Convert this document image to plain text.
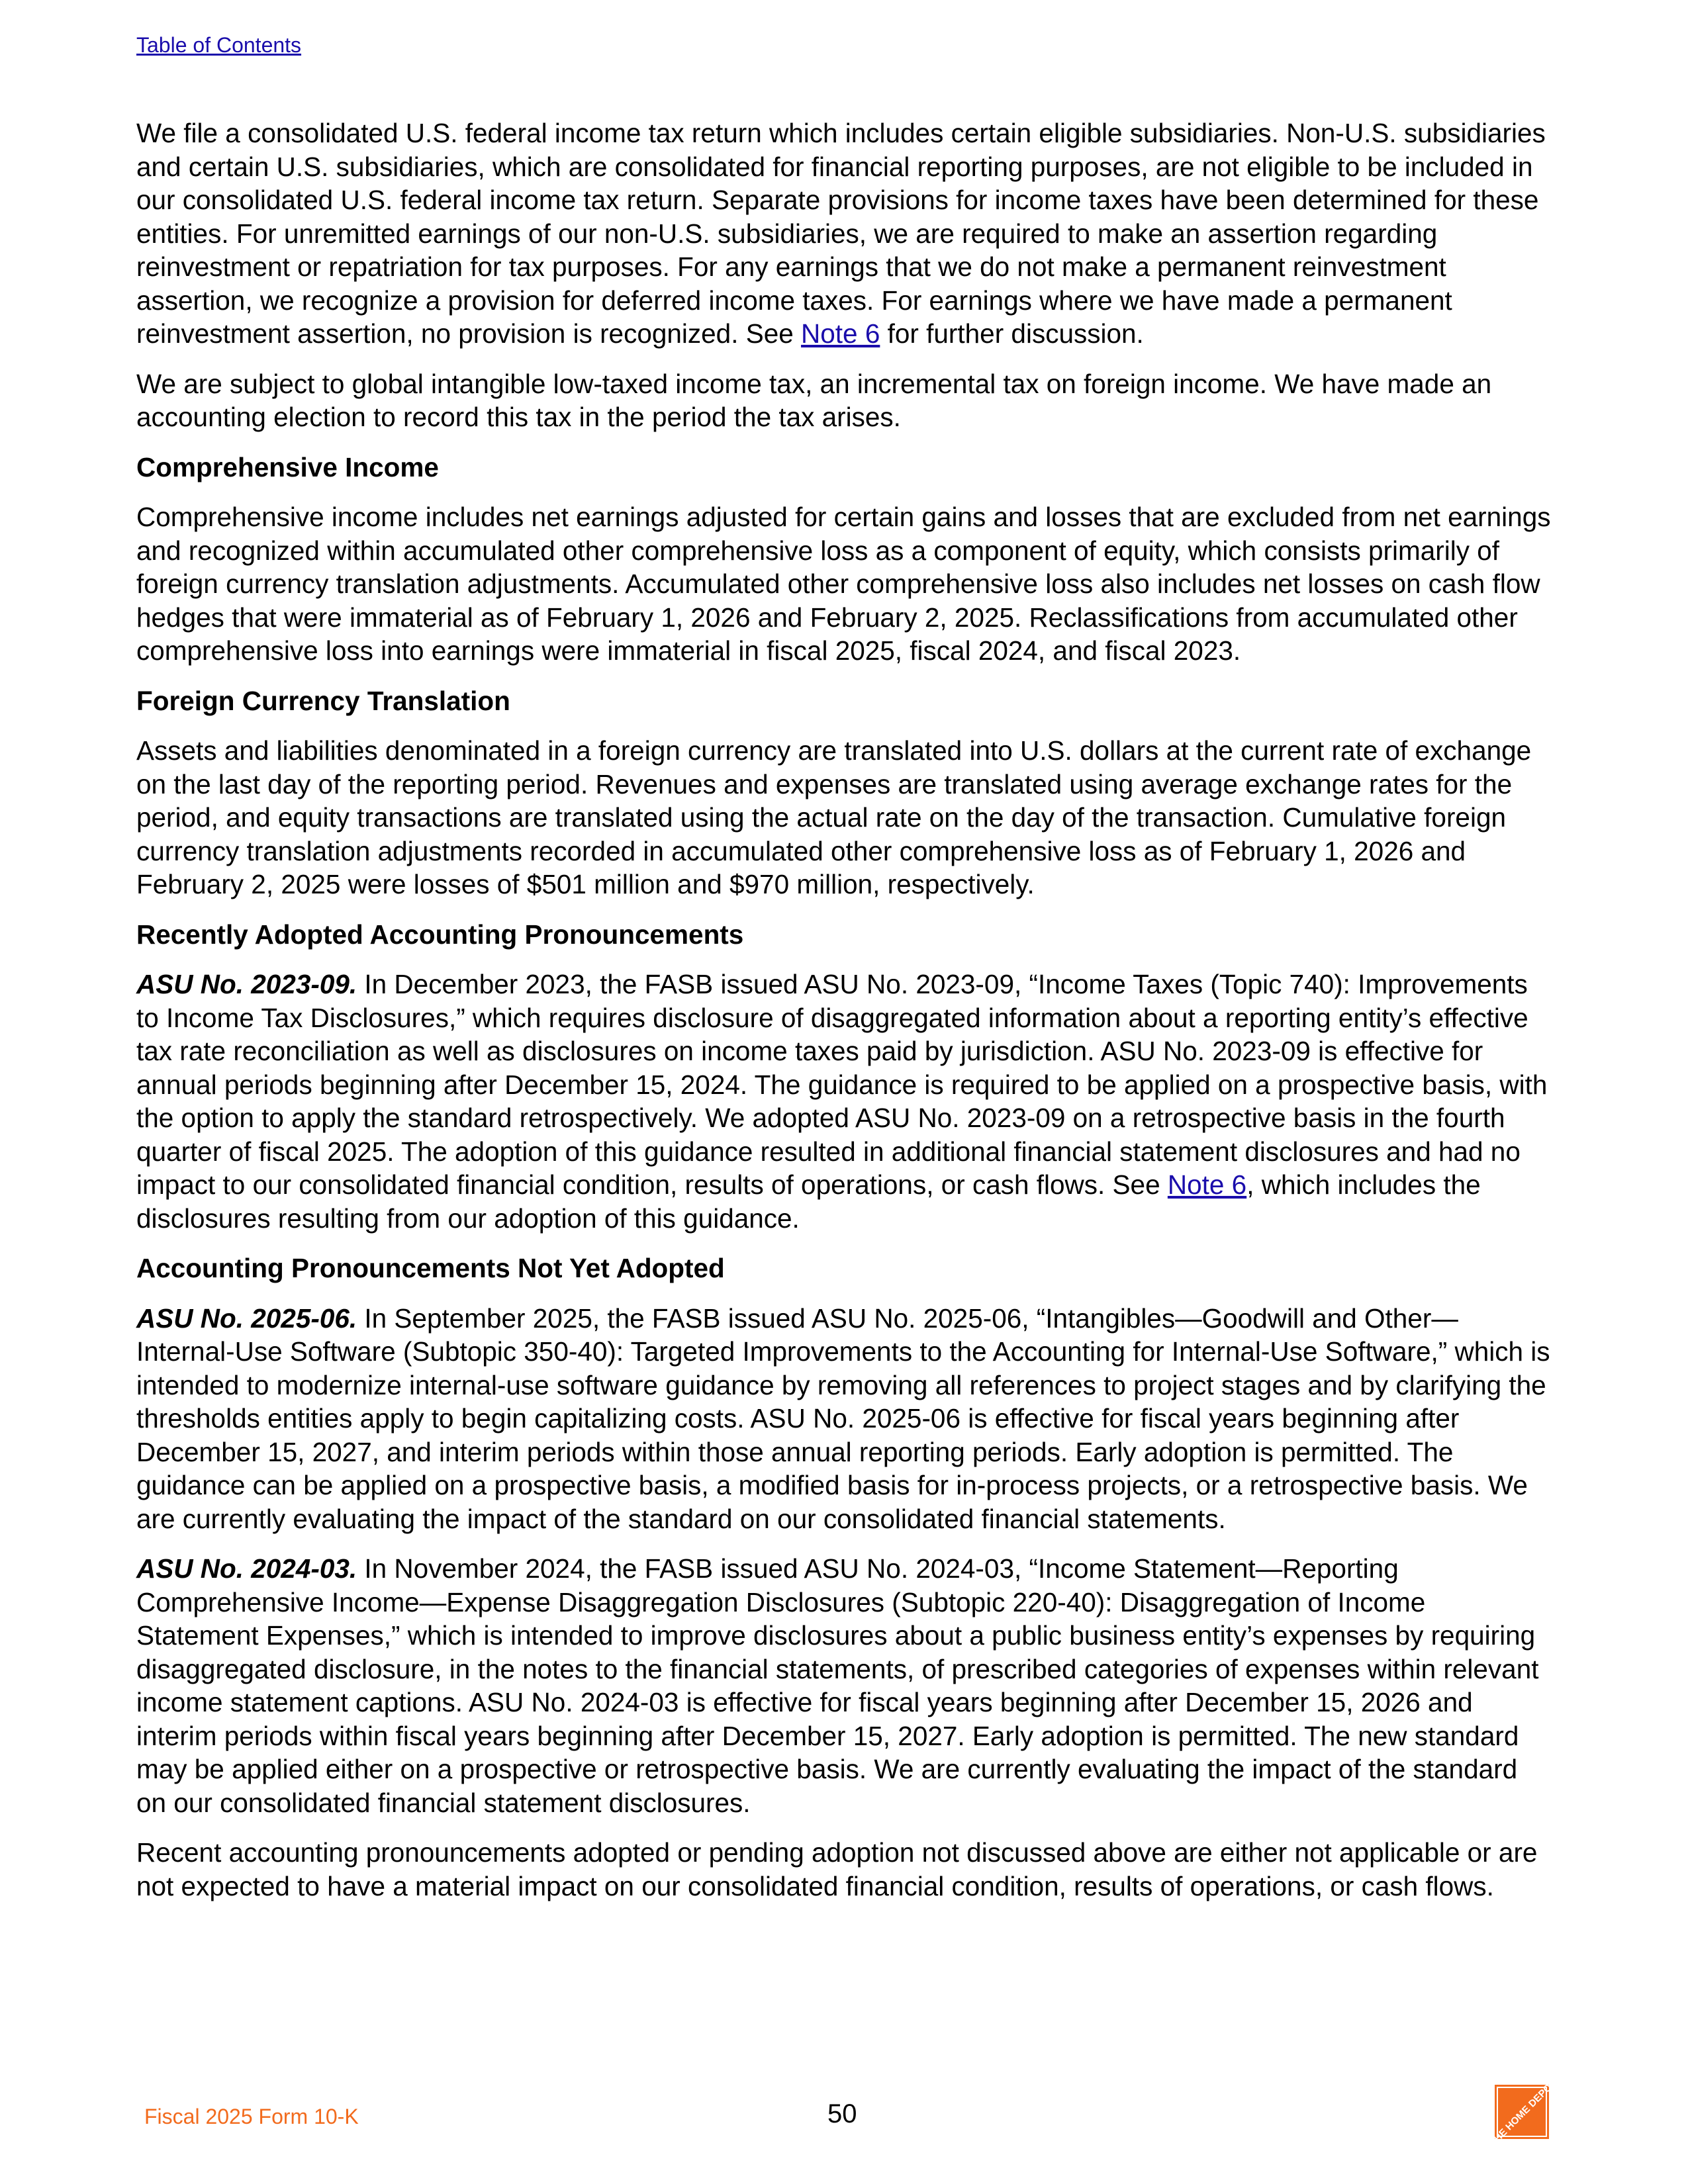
Table of Contents

We file a consolidated U.S. federal income tax return which includes certain eligible subsidiaries. Non-U.S. subsidiaries and certain U.S. subsidiaries, which are consolidated for financial reporting purposes, are not eligible to be included in our consolidated U.S. federal income tax return. Separate provisions for income taxes have been determined for these entities. For unremitted earnings of our non-U.S. subsidiaries, we are required to make an assertion regarding reinvestment or repatriation for tax purposes. For any earnings that we do not make a permanent reinvestment assertion, we recognize a provision for deferred income taxes. For earnings where we have made a permanent reinvestment assertion, no provision is recognized. See Note 6 for further discussion.

We are subject to global intangible low-taxed income tax, an incremental tax on foreign income. We have made an accounting election to record this tax in the period the tax arises.

Comprehensive Income

Comprehensive income includes net earnings adjusted for certain gains and losses that are excluded from net earnings and recognized within accumulated other comprehensive loss as a component of equity, which consists primarily of foreign currency translation adjustments. Accumulated other comprehensive loss also includes net losses on cash flow hedges that were immaterial as of February 1, 2026 and February 2, 2025. Reclassifications from accumulated other comprehensive loss into earnings were immaterial in fiscal 2025, fiscal 2024, and fiscal 2023.

Foreign Currency Translation

Assets and liabilities denominated in a foreign currency are translated into U.S. dollars at the current rate of exchange on the last day of the reporting period. Revenues and expenses are translated using average exchange rates for the period, and equity transactions are translated using the actual rate on the day of the transaction. Cumulative foreign currency translation adjustments recorded in accumulated other comprehensive loss as of February 1, 2026 and February 2, 2025 were losses of $501 million and $970 million, respectively.

Recently Adopted Accounting Pronouncements

ASU No. 2023-09. In December 2023, the FASB issued ASU No. 2023-09, “Income Taxes (Topic 740): Improvements to Income Tax Disclosures,” which requires disclosure of disaggregated information about a reporting entity’s effective tax rate reconciliation as well as disclosures on income taxes paid by jurisdiction. ASU No. 2023-09 is effective for annual periods beginning after December 15, 2024. The guidance is required to be applied on a prospective basis, with the option to apply the standard retrospectively. We adopted ASU No. 2023-09 on a retrospective basis in the fourth quarter of fiscal 2025. The adoption of this guidance resulted in additional financial statement disclosures and had no impact to our consolidated financial condition, results of operations, or cash flows. See Note 6, which includes the disclosures resulting from our adoption of this guidance.

Accounting Pronouncements Not Yet Adopted

ASU No. 2025-06. In September 2025, the FASB issued ASU No. 2025-06, “Intangibles—Goodwill and Other—Internal-Use Software (Subtopic 350-40): Targeted Improvements to the Accounting for Internal-Use Software,” which is intended to modernize internal-use software guidance by removing all references to project stages and by clarifying the thresholds entities apply to begin capitalizing costs. ASU No. 2025-06 is effective for fiscal years beginning after December 15, 2027, and interim periods within those annual reporting periods. Early adoption is permitted. The guidance can be applied on a prospective basis, a modified basis for in-process projects, or a retrospective basis. We are currently evaluating the impact of the standard on our consolidated financial statements.

ASU No. 2024-03. In November 2024, the FASB issued ASU No. 2024-03, “Income Statement—Reporting Comprehensive Income—Expense Disaggregation Disclosures (Subtopic 220-40): Disaggregation of Income Statement Expenses,” which is intended to improve disclosures about a public business entity’s expenses by requiring disaggregated disclosure, in the notes to the financial statements, of prescribed categories of expenses within relevant income statement captions. ASU No. 2024-03 is effective for fiscal years beginning after December 15, 2026 and interim periods within fiscal years beginning after December 15, 2027. Early adoption is permitted. The new standard may be applied either on a prospective or retrospective basis. We are currently evaluating the impact of the standard on our consolidated financial statement disclosures.

Recent accounting pronouncements adopted or pending adoption not discussed above are either not applicable or are not expected to have a material impact on our consolidated financial condition, results of operations, or cash flows.

Fiscal 2025 Form 10-K	50	THE HOME DEPOT
